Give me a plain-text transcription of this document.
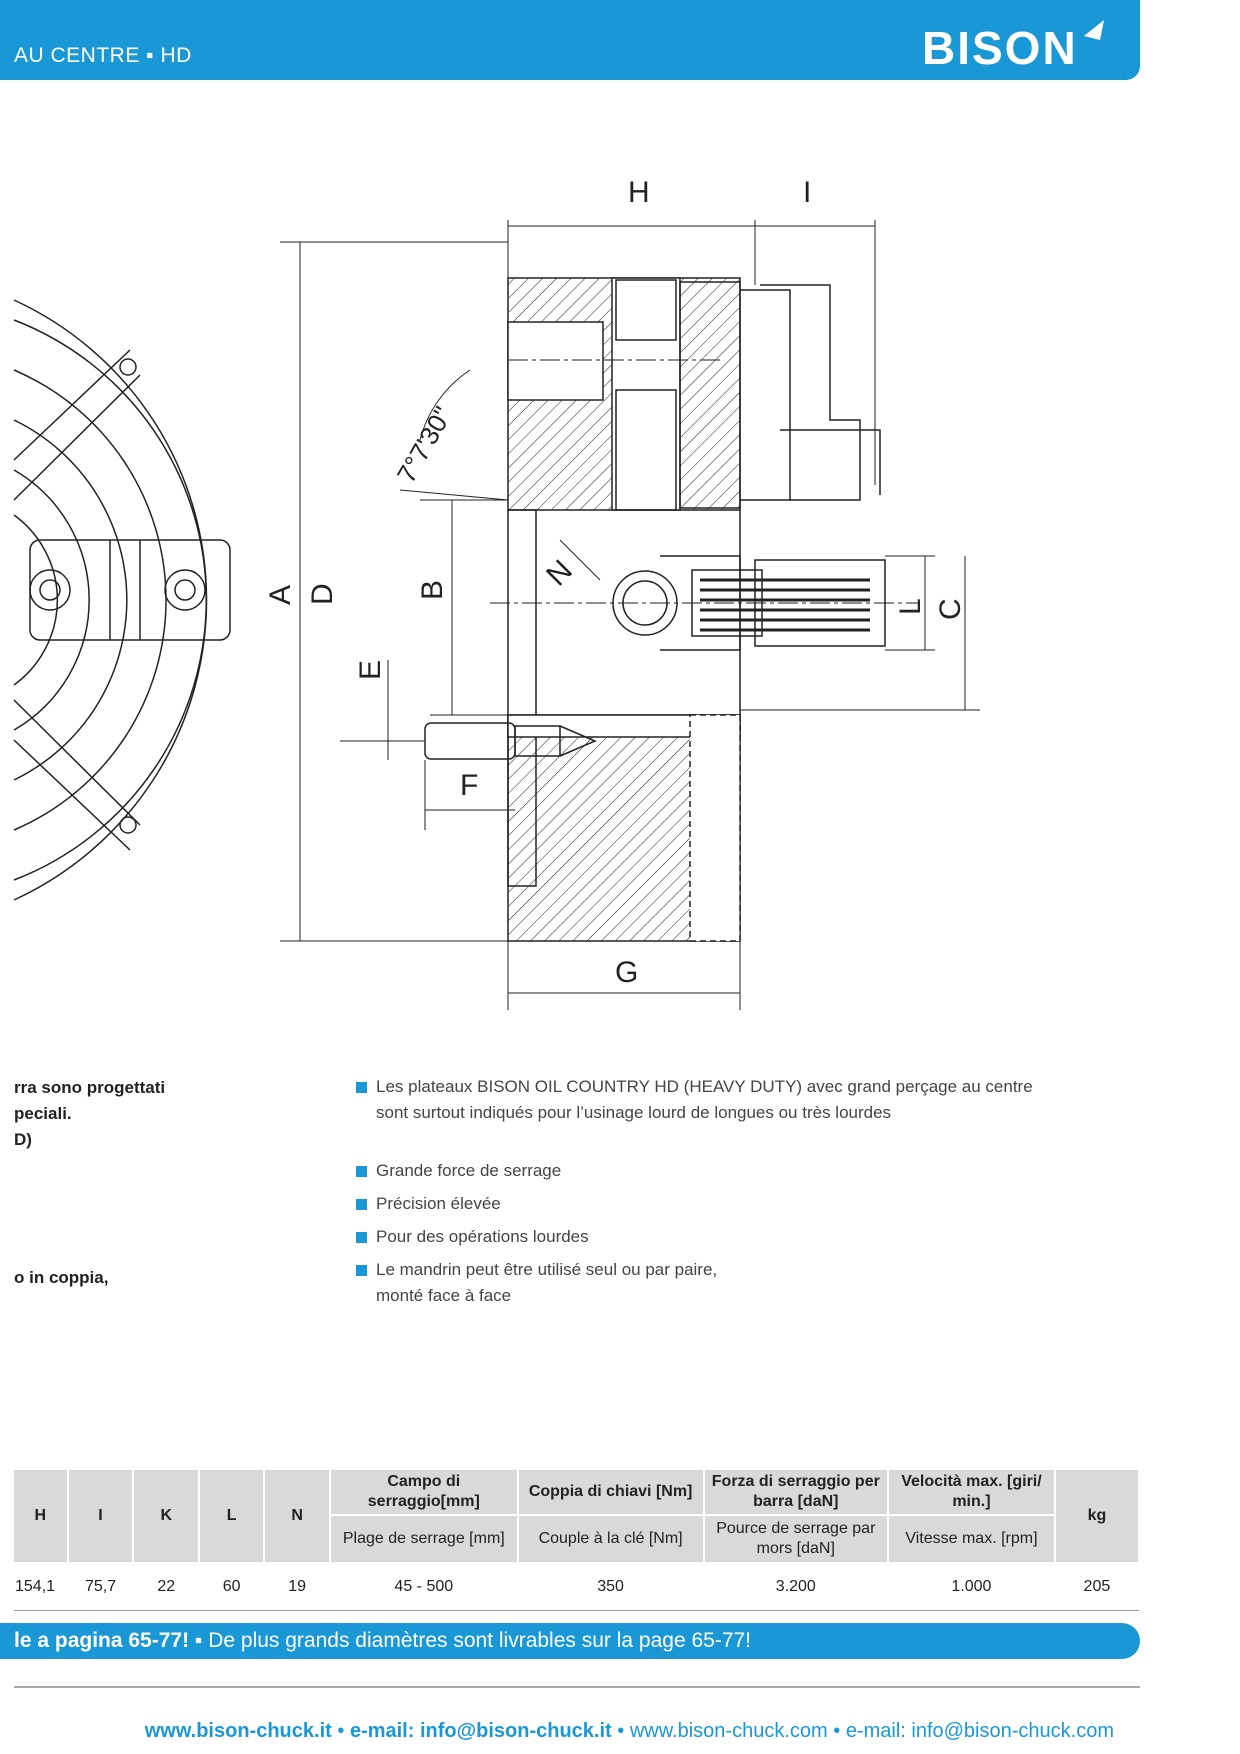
AU CENTRE ▪ HD	BISON
H	I
A D	B
E
F
N
L C
G
7°7'30"
rra sono progettati
peciali.
D)
o in coppia,
Les plateaux BISON OIL COUNTRY HD (HEAVY DUTY) avec grand perçage au centre
sont surtout indiqués pour l’usinage lourd de longues ou très lourdes
Grande force de serrage
Précision élevée
Pour des opérations lourdes
Le mandrin peut être utilisé seul ou par paire,
monté face à face
H	I	K	L	N	Campo di serraggio[mm]	Coppia di chiavi [Nm]	Forza di serraggio per barra [daN]	Velocità max. [giri/ min.]	kg
					Plage de serrage [mm]	Couple à la clé [Nm]	Pource de serrage par mors [daN]	Vitesse max. [rpm]	
154,1	75,7	22	60	19	45 - 500	350	3.200	1.000	205
le a pagina 65-77! ▪ De plus grands diamètres sont livrables sur la page 65-77!
www.bison-chuck.it • e-mail: info@bison-chuck.it • www.bison-chuck.com • e-mail: info@bison-chuck.com
